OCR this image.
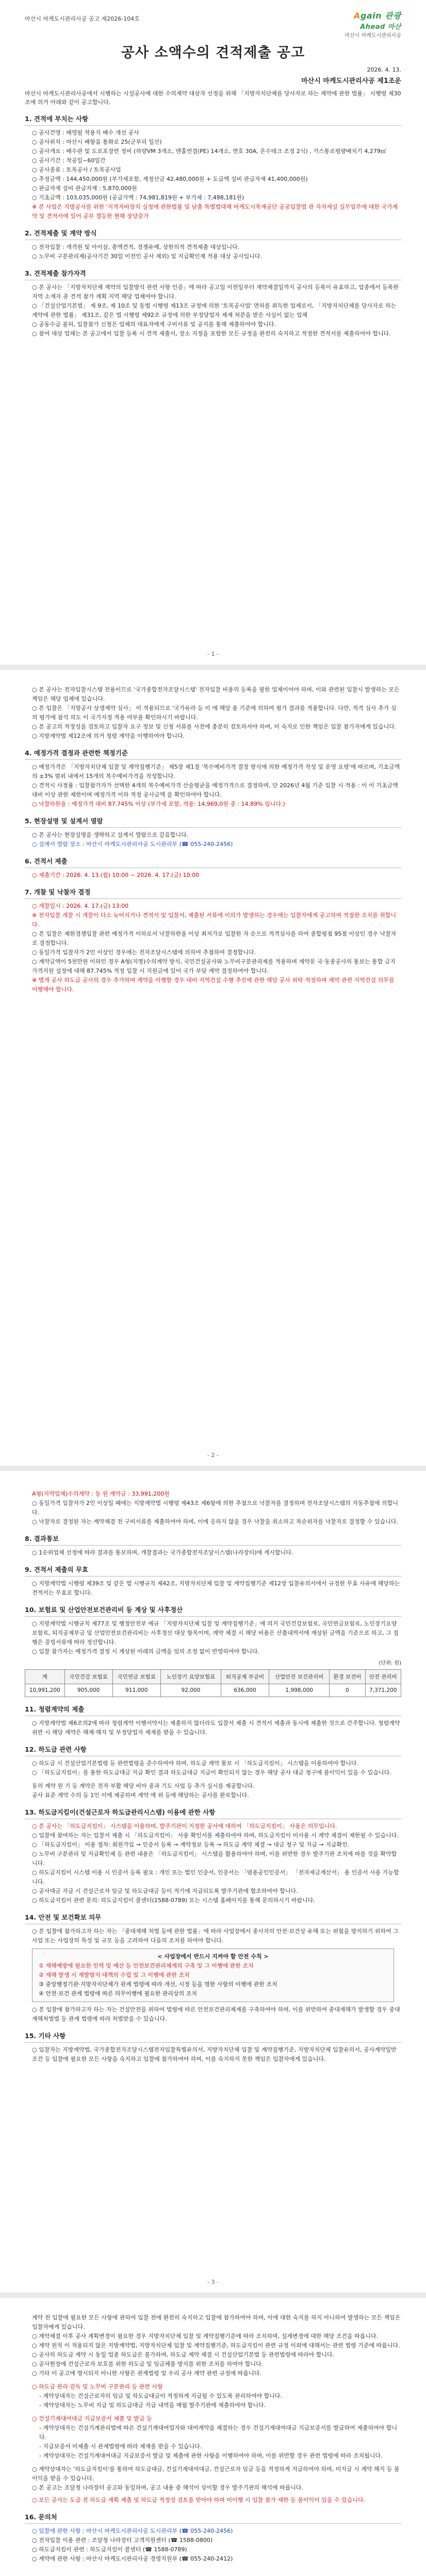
마산시 마케도시관리사공 공고 제2026-104호	Again 관광
Ahead 마산
마산시 마케도시관리사공
공사 소액수의 견적제출 공고
2026. 4. 13.
마산시 마케도시관리사공 제1조운
마산시 마케도시관리사공에서 시행하는 시설공사에 대한 수의계약 대상자 선정을 위해 「지방자치단체를 당사자로 하는 계약에 관한 법률」 시행령 제30조에 의거 아래와 같이 공고합니다.
1. 견적에 부치는 사항
○ 공사건명 : 배영될 착용지 배수 개선 공사
○ 공사위치 : 마산시 배항읍 통화로 25(군부리 일산)
○ 공사개요 : 배수관 및 도로포장연 정비 (하양VM 3개소, 맨홀연결(PE) 14개소, 면호 30A, 온수테크 조정 2식) , 가스통로평량배치기 4,279㎡
○ 공사기간 : 착공일~60일간
○ 공사종류 : 토목공사 / 토목공사업
○ 추정금액 : 144,450,000원 (부가세포함, 재정산금 42,480,000원 + 도급액 설비 관급자재 41,400,000원)
○ 관급자재 설비 관급자재 : 5,870,000원
○ 기초금액 : 103,035,000원 (공급가액 : 74,981,819원 + 부가세 : 7,498,181원)
※ 본 사업은 지방공사를 위한 '지적자바장치 실정에 관한법률 및 남출 특별법대해 마케도시복재공단 공공입찰법 관 자자세설 실무업무에 대한 국가계약 및 견적서에 있어 공부 겔등한 현해 장당증가
2. 견적제출 및 계약 방식
○ 전자입찰 : 개격원 및 아이살, 총액견적, 경쟁유예, 상한의적 견적제출 대상입니다.
○ 노무비 구분관리제(공사기간 30일 이전인 공사 제외) 및 지급확인제 적용 대상 공사입니다.
3. 견적제출 참가자격
○ 본 공사는 「지방자치단체 계약의 입찰방식 관련 사항 인증」에 따라 공고일 이전일부터 계약체결일까지 공사의 등록이 유효하고, 업종에서 등록한 지역 소재자 중 견적 참가 계획 지역 해당 업체여야 합니다.
○ 「건설산업기본법」 제 9조, 제 10조 및 동법 시행령 제13조 규정에 의한 '토목공사업' 면허를 취득한 업체로서, 「지방자치단체를 당사자로 하는 계약에 관한 법률」 제31조, 같은 법 시행령 제92조 규정에 의한 부정당업자 제재 처분을 받은 사실이 없는 업체
○ 공동수급 불허, 입찰참가 신청은 업체의 대표자에게 구비서류 및 공지를 통해 제출하여야 합니다.
○ 참여 대상 업체는 본 공고에서 입찰 등록 시 견적 제출서, 장소 지정을 포함한 모든 규정을 완전히 숙지하고 적정한 견적서를 제출하여야 합니다.
- 1 -
○ 본 공사는 전자입찰시스템 전용이므로 '국가종합전자조달시스템' 전자입찰 비용의 등록을 필한 업체이어야 하며, 이와 관련된 입찰시 발생하는 모든 책임은 해당 업체에 있습니다.
○ 본 입찰은 「지방공사 상생계약 심사」 이 적용되므로 '국가유라 등 이 에 해당 용 기준에 의하여 평가 결과를 적용합니다. 다만, 적격 심사 추가 심의 평가에 참석 의도 이 국가지정 적용 여부를 확인하시기 바랍니다.
○ 본 공고의 적정성을 검토하고 입찰자 요구 정보 및 신청 서류를 사전에 충분히 검토하셔야 하며, 미 숙지로 인한 책임은 입찰 참가자에게 있습니다.
○ 지방계약법 제12조에 의거 청렴 계약을 이행하여야 합니다.
4. 예정가격 결정과 관련한 책정기준
○ 예정가격은 「지방자치단체 입찰 및 계약집행기준」 제5장 제1절 '복수예비가격 결정 방식에 의한 예정가격 작성 및 운영 요령'에 따르며, 기초금액의 ±3% 범위 내에서 15개의 복수예비가격을 작성합니다.
○ 견적시 사정률 : 입찰참가자가 선택한 4개의 복수예비가격 산술평균을 예정가격으로 결정하며, 단 2026년 4월 기준 입찰 시 적용 : 이 이 기초금액 대비 이상 관한 제한이며 예정가격 이하 적정 공사금액 을 확인하여야 합니다.
○ 낙찰하한율 : 예정가격 대비 87.745% 이상 (부가세 포함, 적용: 14,969,0원 중 : 14.89% 입니다.)
5. 현장설명 및 설계서 열람
○ 본 공사는 현장설명을 생략하고 설계서 열람으로 갈음합니다.
○ 설계서 열람 장소 : 마산시 마케도시관리사공 도시관리부 (☎ 055-240-2456)
6. 견적서 제출
○ 제출기간 : 2026. 4. 13.(월) 10:00 ~ 2026. 4. 17.(금) 10:00
7. 개찰 및 낙찰자 결정
○ 개찰일시 : 2026. 4. 17.(금) 13:00
※ 전자입찰 개찰 시 개찰이 다소 늦어지거나 견적서 및 입찰서, 제출된 서류에 이의가 발생하는 경우에는 입찰자에게 공고하며 적절한 조치를 취합니다.
○ 본 입찰은 제한경쟁입찰 관련 예정가격 이하로서 낙찰하한율 이상 최저가로 입찰한 자 순으로 적격심사를 하여 종합평점 95점 이상인 경우 낙찰자로 결정합니다.
○ 동일가격 입찰자가 2인 이상인 경우에는 전자조달시스템에 의하여 추첨하여 결정합니다.
○ 계약금액이 5천만원 이하인 경우 A형(지명)수의계약 방식, 국민건설공사와 노무비구분관리제를 적용하며 계약문 국·동종공사의 통보는 통합 금지 가격지원 설정에 대해 87.745% 적정 입찰 시 지원금에 있어 국가 부담 계약 결정하여야 합니다.
※ 별개 공사 하도급 공사의 경우 추가하며 계약을 이행할 경우 대비 지역건설 수행 추진에 관한 해당 공사 위탁 적정하며 계약 관련 지역건설 의무를 이행해야 합니다.
- 2 -
A형(지역업체)수의계약 : 동 원 계약금 : 33,991,200원
○ 동일가격 입찰자가 2인 이상일 때에는 지방계약법 시행령 제43조 제6항에 의한 추첨으로 낙찰자를 결정하며 전자조달시스템의 자동추첨에 의합니다.
○ 낙찰자로 결정된 자는 계약체결 전 구비서류를 제출하여야 하며, 이에 응하지 않을 경우 낙찰을 취소하고 차순위자를 낙찰자로 결정할 수 있습니다.
8. 결과통보
○ 1순위업체 선정에 따라 결과를 통보하며, 개찰결과는 국가종합전자조달시스템(나라장터)에 게시합니다.
9. 견적서 제출의 무효
○ 지방계약법 시행령 제39조 및 같은 법 시행규칙 제42조, 지방자치단체 입찰 및 계약집행기준 제12장 입찰유의서에서 규정한 무효 사유에 해당하는 견적서는 무효로 합니다.
10. 보험료 및 산업안전보건관리비 등 계상 및 사후정산
○ 지방계약법 시행규칙 제77조 및 행정안전부 예규 「지방자치단체 입찰 및 계약집행기준」에 의거 국민건강보험료, 국민연금보험료, 노인장기요양보험료, 퇴직공제부금 및 산업안전보건관리비는 사후정산 대상 항목이며, 계약 체결 시 해당 비용은 산출내역서에 계상된 금액을 기준으로 하고, 그 집행은 증빙서류에 따라 정산합니다.
○ 입찰 참가자는 예정가격 결정 시 계상된 아래의 금액을 임의 조정 없이 반영하여야 합니다.
(단위: 원)
계	국민건강 보험료	국민연금 보험료	노인장기 요양보험료	퇴직공제 부금비	산업안전 보건관리비	환경 보전비	안전 관리비
10,991,200	905,000	911,000	92,000	636,000	1,998,000	0	7,371,200
11. 청렴계약의 제출
○ 지방계약법 제6조의2에 따라 청렴계약 이행서약서는 제출하지 않더라도 입찰서 제출 시 견적서 제출과 동시에 제출한 것으로 간주합니다. 청렴계약 위반 시 해당 계약은 해제·해지 및 부정당업자 제재를 받을 수 있습니다.
12. 하도급 관련 사항
○ 하도급 시 건설산업기본법령 등 관련법령을 준수하여야 하며, 하도급 계약 통보 시 「하도급지킴이」 시스템을 이용하여야 합니다.
○ 「하도급지킴이」를 통한 하도급대금 지급 확인 결과 하도급대금 지급이 확인되지 않는 경우 해당 공사 대금 청구에 불이익이 있을 수 있습니다.
동의 계약 원 기 등 계약은 전자 부활 해당 비아 중과 기도 사업 등 추가 실시를 제공합니다.
공사 표준 계약 수의 등 1인 이에 제공하며 계약 에 위 등에 해당하는 공사를 완료합니다.
13. 하도급지킴이(건설근로자 하도급관리시스템) 이용에 관한 사항
○ 본 공사는 「하도급지킴이」 시스템을 이용하며, 발주기관이 지정한 공사에 대하여 「하도급지킴이」 사용은 의무입니다.
○ 입찰에 참여하는 자는 입찰서 제출 시 「하도급지킴이」 사용 확인서를 제출하여야 하며, 하도급지킴이 미사용 시 계약 체결이 제한될 수 있습니다.
○ 「하도급지킴이」 이용 절차: 회원가입 → 인증서 등록 → 계약정보 등록 → 하도급 계약 체결 → 대금 청구 및 지급 → 지급확인.
○ 노무비 구분관리 및 지급확인제 등 관련 내용은 「하도급지킴이」 시스템을 활용하여야 하며, 이를 위반한 경우 발주기관 조치에 따를 것을 확약합니다.
○ 하도급지킴이 시스템 이용 시 인증서 등록 필요 : 개인 또는 법인 인증서, 인증서는 「범용공인인증서」 「전자세금계산서」 용 인증서 사용 가능합니다.
○ 공사대금 지급 시 건설근로자 임금 및 하도급대금 등이 적기에 지급되도록 발주기관에 협조하여야 합니다.
○ 하도급지킴이 관련 문의: 하도급지킴이 콜센터(1588-0789) 또는 시스템 홈페이지를 통해 문의하시기 바랍니다.
14. 안전 및 보건확보 의무
○ 본 입찰에 참가하고자 하는 자는 「중대재해 처벌 등에 관한 법률」에 따라 사업장에서 종사자의 안전·보건상 유해 또는 위험을 방지하기 위하여 그 사업 또는 사업장의 특성 및 규모 등을 고려하여 다음의 조치를 하여야 합니다.
< 사업장에서 반드시 지켜야 할 안전 수칙 >
① 재해예방에 필요한 인력 및 예산 등 안전보건관리체계의 구축 및 그 이행에 관한 조치
② 재해 발생 시 재발방지 대책의 수립 및 그 이행에 관한 조치
③ 중앙행정기관·지방자치단체가 관계 법령에 따라 개선, 시정 등을 명한 사항의 이행에 관한 조치
④ 안전·보건 관계 법령에 따른 의무이행에 필요한 관리상의 조치
○ 본 입찰에 참가하고자 하는 자는 건설안전을 위하여 법령에 따른 안전보건관리체계를 구축하여야 하며, 이를 위반하여 중대재해가 발생할 경우 중대재해처벌법 등 관계 법령에 따라 처벌받을 수 있습니다.
15. 기타 사항
○ 입찰자는 지방계약법, 국가종합전자조달시스템전자입찰특별유의서, 지방자치단체 입찰 및 계약집행기준, 지방자치단체 입찰유의서, 공사계약일반조건 등 입찰에 필요한 모든 사항을 숙지하고 입찰에 참가하여야 하며, 이를 숙지하지 못한 책임은 입찰자에게 있습니다.
- 3 -
계약 전 입찰에 필요한 모든 사항에 관하여 입찰 전에 완전히 숙지하고 입찰에 참가하여야 하며, 이에 대한 숙지를 하지 아니하여 발생하는 모든 책임은 입찰자에게 있습니다.
○ 계약체결 이후 공사 계획변경이 필요한 경우 지방자치단체 입찰 및 계약집행기준에 따라 조치하며, 설계변경에 대한 해당 조건을 따릅니다.
○ 계약 원칙 이 적용되지 않은 지방계약법, 지방자치단체 입찰 및 계약집행기준, 하도급지킴이 관련 규정 이외에 대해서는 관련 법령 기준에 따릅니다.
○ 공사의 하도급 계약 시 동일 업종 하도급은 불가하며, 하도급 계약 체결 시 건설산업기본법 등 관련법령에 따라야 합니다.
○ 공사현장에 건설근로자 보호를 위한 하도급 및 임금체불 방지를 위한 조치를 하여야 합니다.
○ 기타 이 공고에 명시되지 아니한 사항은 관계법령 및 우리 공사 계약 관련 규정에 따릅니다.
○ 하도급 관리·감독 및 노무비 구분관리 등 관련 사항
- 계약상대자는 건설근로자의 임금 및 하도급대금이 적정하게 지급될 수 있도록 관리하여야 합니다.
- 계약상대자는 노무비 지급 및 하도급대금 지급 내역을 매월 발주기관에 제출하여야 합니다.
○ 건설기계대여대금 지급보증서 제출 및 발급 등
- 계약상대자는 건설기계관리법에 따른 건설기계대여업자와 대여계약을 체결하는 경우 건설기계대여대금 지급보증서를 발급하여 제출하여야 합니다.
- 지급보증서 미제출 시 관계법령에 따라 제재를 받을 수 있습니다.
- 계약상대자는 건설기계대여대금 지급보증서 발급 및 제출에 관한 사항을 이행하여야 하며, 이를 위반할 경우 관련 법령에 따라 조치됩니다.
○ 계약상대자는 '하도급지킴이'를 통하여 하도급대금, 건설기계대여대금, 건설근로자 임금 등을 적정하게 지급하여야 하며, 미지급 시 계약 해지 등 불이익을 받을 수 있습니다.
○ 본 공고는 조달청 나라장터 공고와 동일하며, 공고 내용 중 해석이 상이할 경우 발주기관의 해석에 따릅니다.
○ 모든 공사는 도급 전 하도급 계획 제출 및 하도급 적정성 검토를 받아야 하며 미이행 시 입찰 참가 제한 등 불이익이 있을 수 있습니다.
16. 문의처
○ 입찰에 관한 사항 : 마산시 마케도시관리사공 도시관리부 (☎ 055-240-2456)
○ 전자입찰 이용 관련 : 조달청 나라장터 고객지원센터 (☎ 1588-0800)
○ 하도급지킴이 관련 : 하도급지킴이 콜센터 (☎ 1588-0789)
○ 계약에 관한 사항 : 마산시 마케도시관리사공 경영지원부 (☎ 055-240-2412)
